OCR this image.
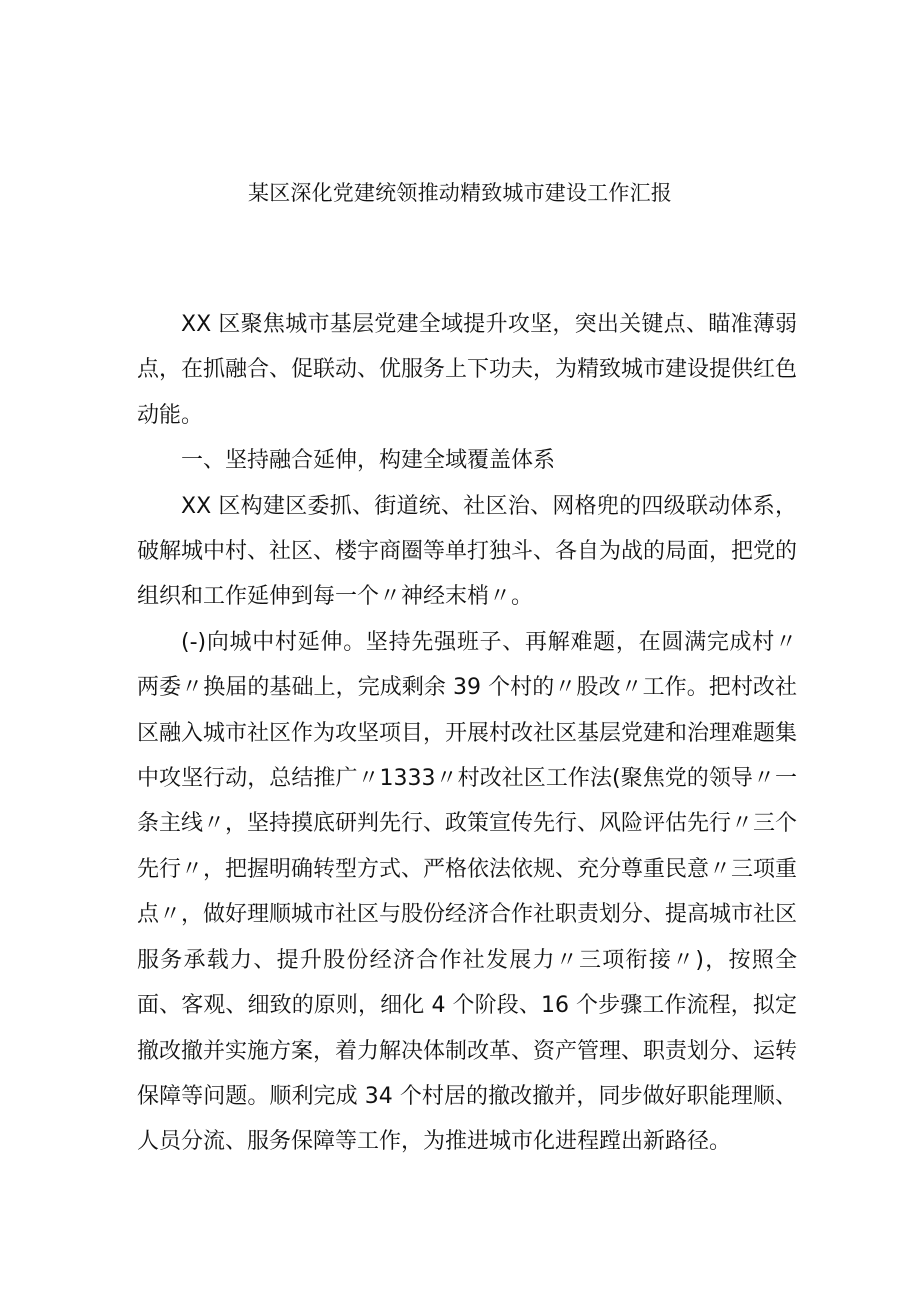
某区深化党建统领推动精致城市建设工作汇报

XX 区聚焦城市基层党建全域提升攻坚，突出关键点、瞄准薄弱点，在抓融合、促联动、优服务上下功夫，为精致城市建设提供红色动能。

一、坚持融合延伸，构建全域覆盖体系

XX 区构建区委抓、街道统、社区治、网格兜的四级联动体系，破解城中村、社区、楼宇商圈等单打独斗、各自为战的局面，把党的组织和工作延伸到每一个〃神经末梢〃。

(-)向城中村延伸。坚持先强班子、再解难题，在圆满完成村〃两委〃换届的基础上，完成剩余 39 个村的〃股改〃工作。把村改社区融入城市社区作为攻坚项目，开展村改社区基层党建和治理难题集中攻坚行动，总结推广〃1333〃村改社区工作法(聚焦党的领导〃一条主线〃，坚持摸底研判先行、政策宣传先行、风险评估先行〃三个先行〃，把握明确转型方式、严格依法依规、充分尊重民意〃三项重点〃，做好理顺城市社区与股份经济合作社职责划分、提高城市社区服务承载力、提升股份经济合作社发展力〃三项衔接〃)，按照全面、客观、细致的原则，细化 4 个阶段、16 个步骤工作流程，拟定撤改撤并实施方案，着力解决体制改革、资产管理、职责划分、运转保障等问题。顺利完成 34 个村居的撤改撤并，同步做好职能理顺、人员分流、服务保障等工作，为推进城市化进程蹚出新路径。
